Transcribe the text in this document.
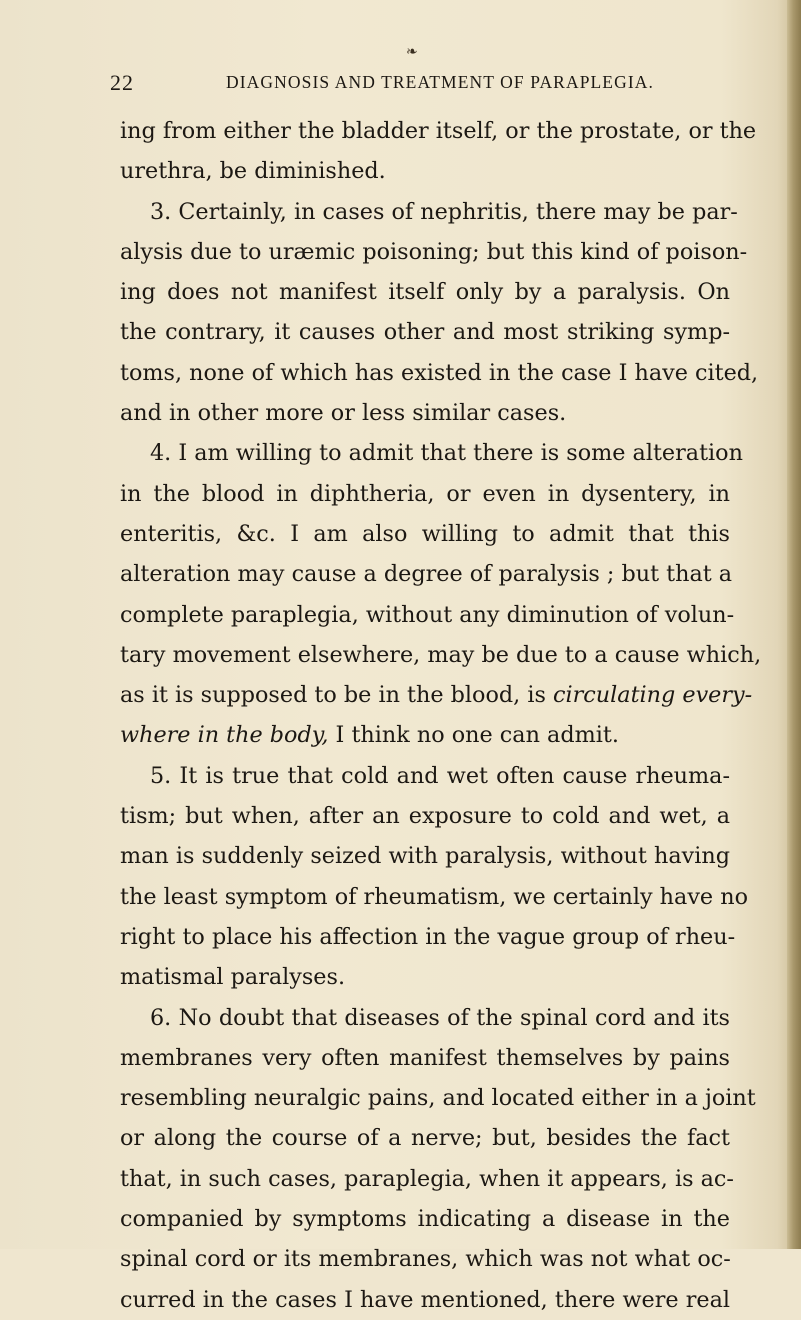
22
❧
DIAGNOSIS AND TREATMENT OF PARAPLEGIA.
ing from either the bladder itself, or the prostate, or the
urethra, be diminished.
3. Certainly, in cases of nephritis, there may be par-
alysis due to uræmic poisoning; but this kind of poison-
ing does not manifest itself only by a paralysis. On
the contrary, it causes other and most striking symp-
toms, none of which has existed in the case I have cited,
and in other more or less similar cases.
4. I am willing to admit that there is some alteration
in the blood in diphtheria, or even in dysentery, in
enteritis, &c. I am also willing to admit that this
alteration may cause a degree of paralysis ; but that a
complete paraplegia, without any diminution of volun-
tary movement elsewhere, may be due to a cause which,
as it is supposed to be in the blood, is circulating every-
where in the body, I think no one can admit.
5. It is true that cold and wet often cause rheuma-
tism; but when, after an exposure to cold and wet, a
man is suddenly seized with paralysis, without having
the least symptom of rheumatism, we certainly have no
right to place his affection in the vague group of rheu-
matismal paralyses.
6. No doubt that diseases of the spinal cord and its
membranes very often manifest themselves by pains
resembling neuralgic pains, and located either in a joint
or along the course of a nerve; but, besides the fact
that, in such cases, paraplegia, when it appears, is ac-
companied by symptoms indicating a disease in the
spinal cord or its membranes, which was not what oc-
curred in the cases I have mentioned, there were real
